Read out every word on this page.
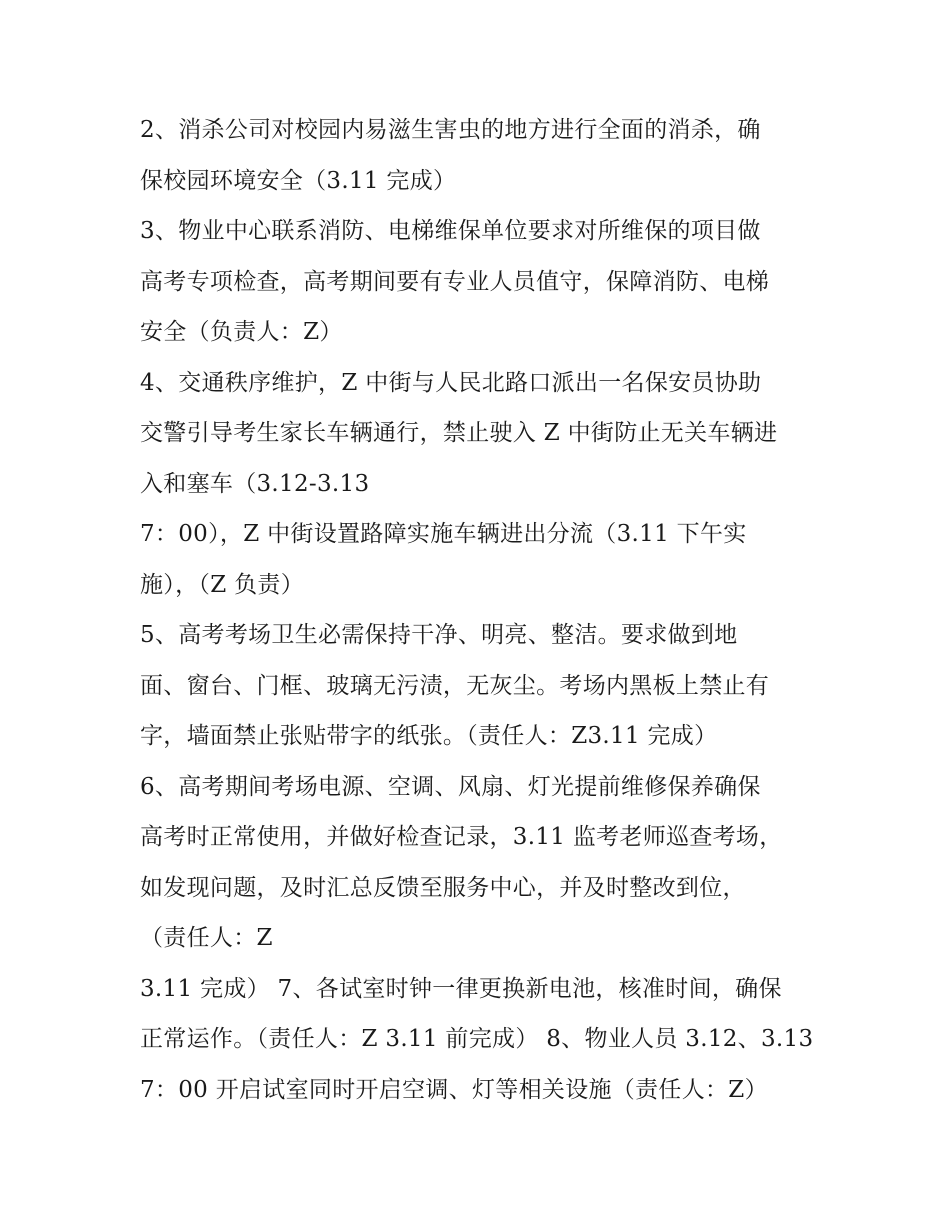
2、消杀公司对校园内易滋生害虫的地方进行全面的消杀，确
保校园环境安全（3.11 完成）
3、物业中心联系消防、电梯维保单位要求对所维保的项目做
高考专项检查，高考期间要有专业人员值守，保障消防、电梯
安全（负责人：Z）
4、交通秩序维护，Z 中街与人民北路口派出一名保安员协助
交警引导考生家长车辆通行，禁止驶入 Z 中街防止无关车辆进
入和塞车（3.12-3.13
7：00），Z 中街设置路障实施车辆进出分流（3.11 下午实
施），（Z 负责）
5、高考考场卫生必需保持干净、明亮、整洁。要求做到地
面、窗台、门框、玻璃无污渍，无灰尘。考场内黑板上禁止有
字，墙面禁止张贴带字的纸张。（责任人：Z3.11 完成）
6、高考期间考场电源、空调、风扇、灯光提前维修保养确保
高考时正常使用，并做好检查记录，3.11 监考老师巡查考场，
如发现问题，及时汇总反馈至服务中心，并及时整改到位，
（责任人：Z
3.11 完成） 7、各试室时钟一律更换新电池，核准时间，确保
正常运作。（责任人：Z 3.11 前完成） 8、物业人员 3.12、3.13
7：00 开启试室同时开启空调、灯等相关设施（责任人：Z）
